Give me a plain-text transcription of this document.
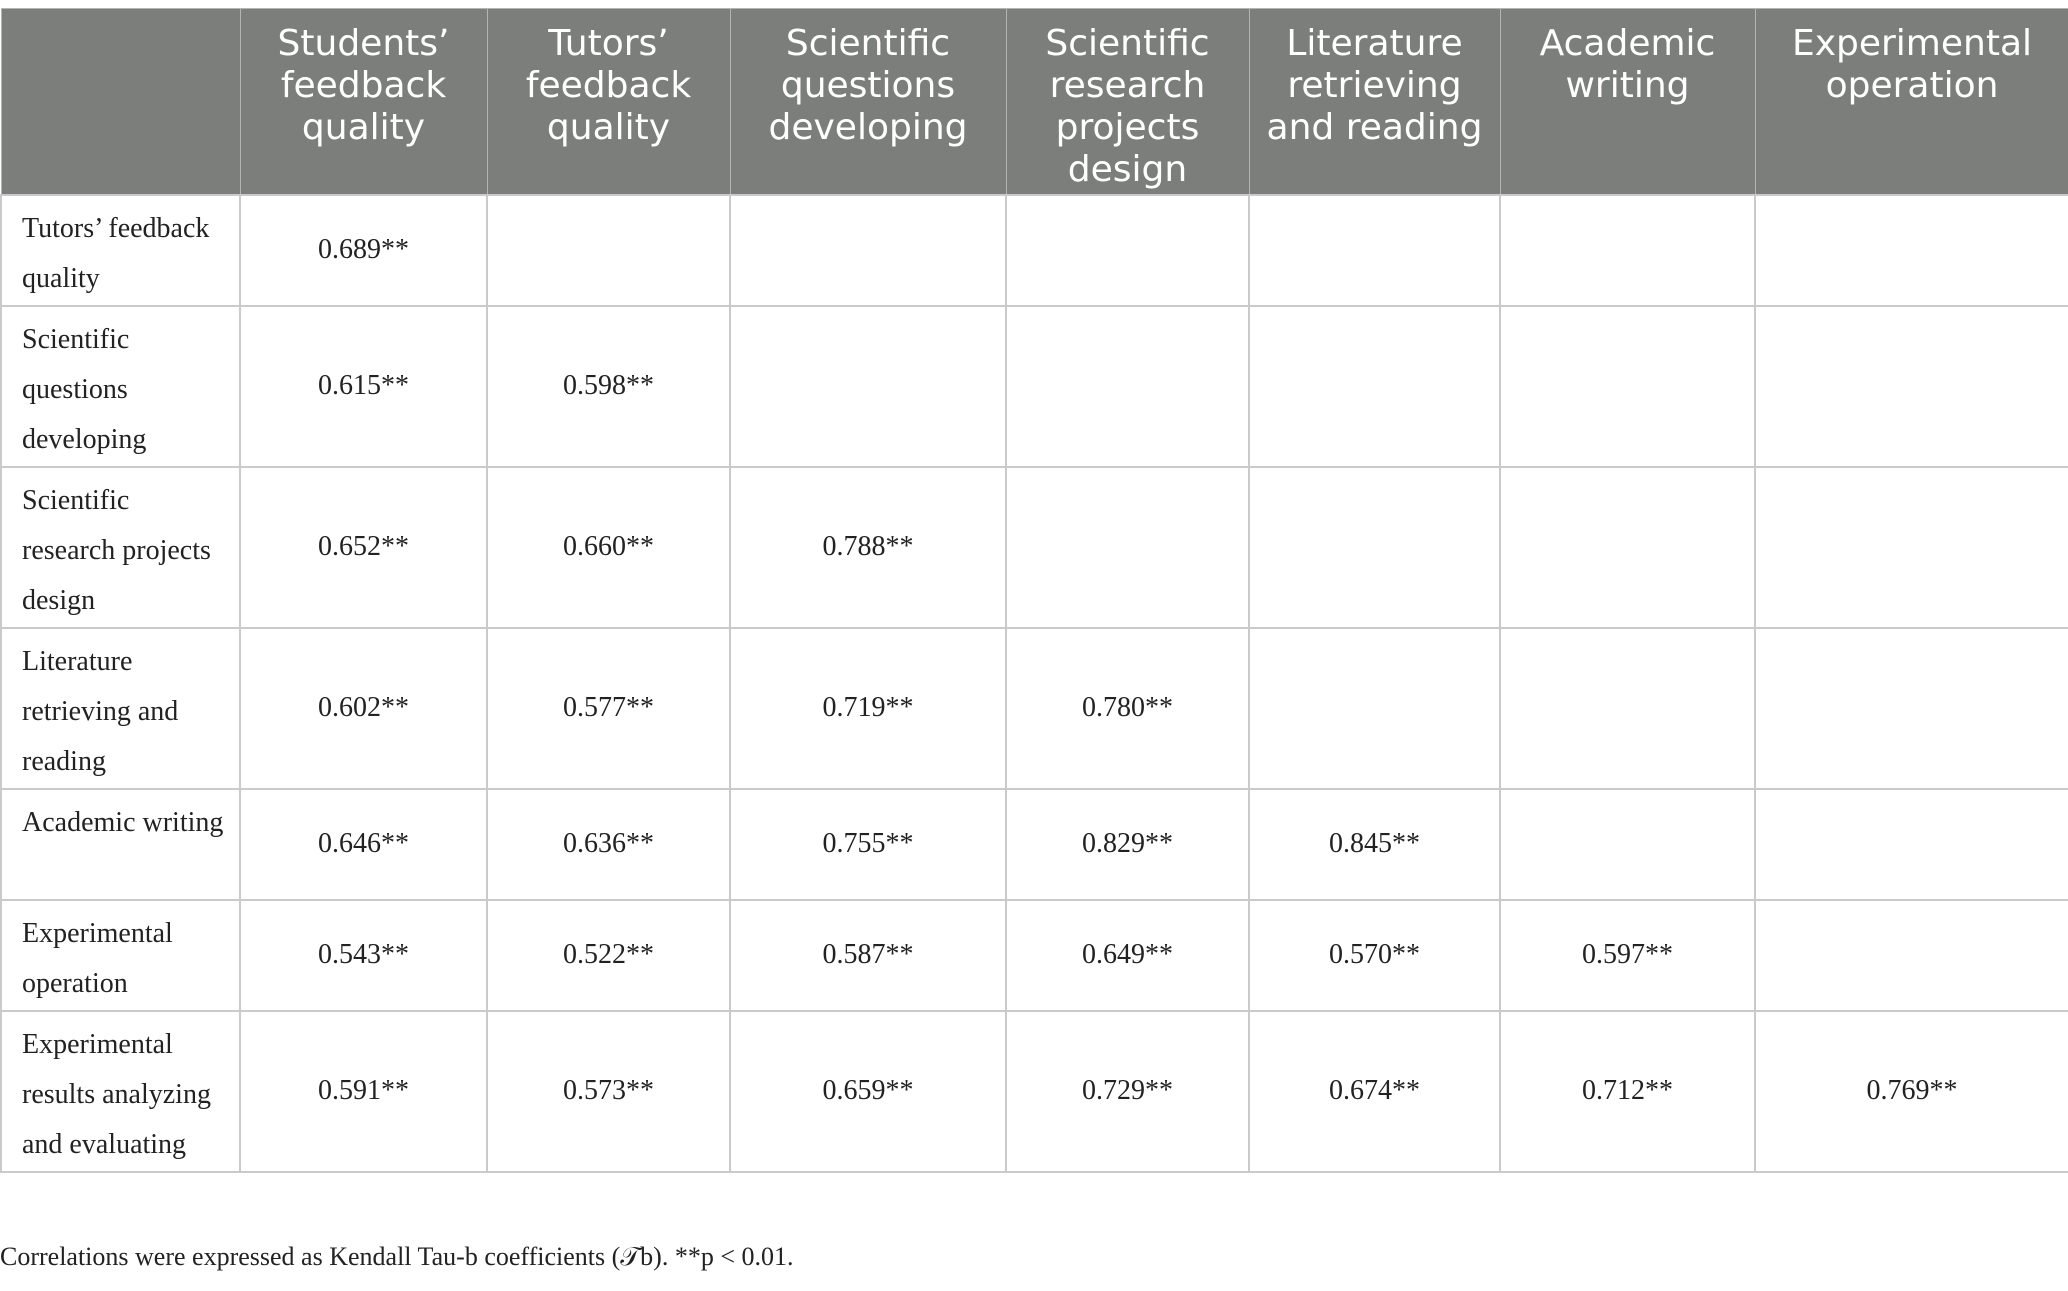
	Students’ feedback quality	Tutors’ feedback quality	Scientific questions developing	Scientific research projects design	Literature retrieving and reading	Academic writing	Experimental operation
Tutors’ feedback quality	0.689**						
Scientific questions developing	0.615**	0.598**					
Scientific research projects design	0.652**	0.660**	0.788**				
Literature retrieving and reading	0.602**	0.577**	0.719**	0.780**			
Academic writing	0.646**	0.636**	0.755**	0.829**	0.845**		
Experimental operation	0.543**	0.522**	0.587**	0.649**	0.570**	0.597**	
Experimental results analyzing and evaluating	0.591**	0.573**	0.659**	0.729**	0.674**	0.712**	0.769**
Correlations were expressed as Kendall Tau-b coefficients (𝒯b). **p < 0.01.
